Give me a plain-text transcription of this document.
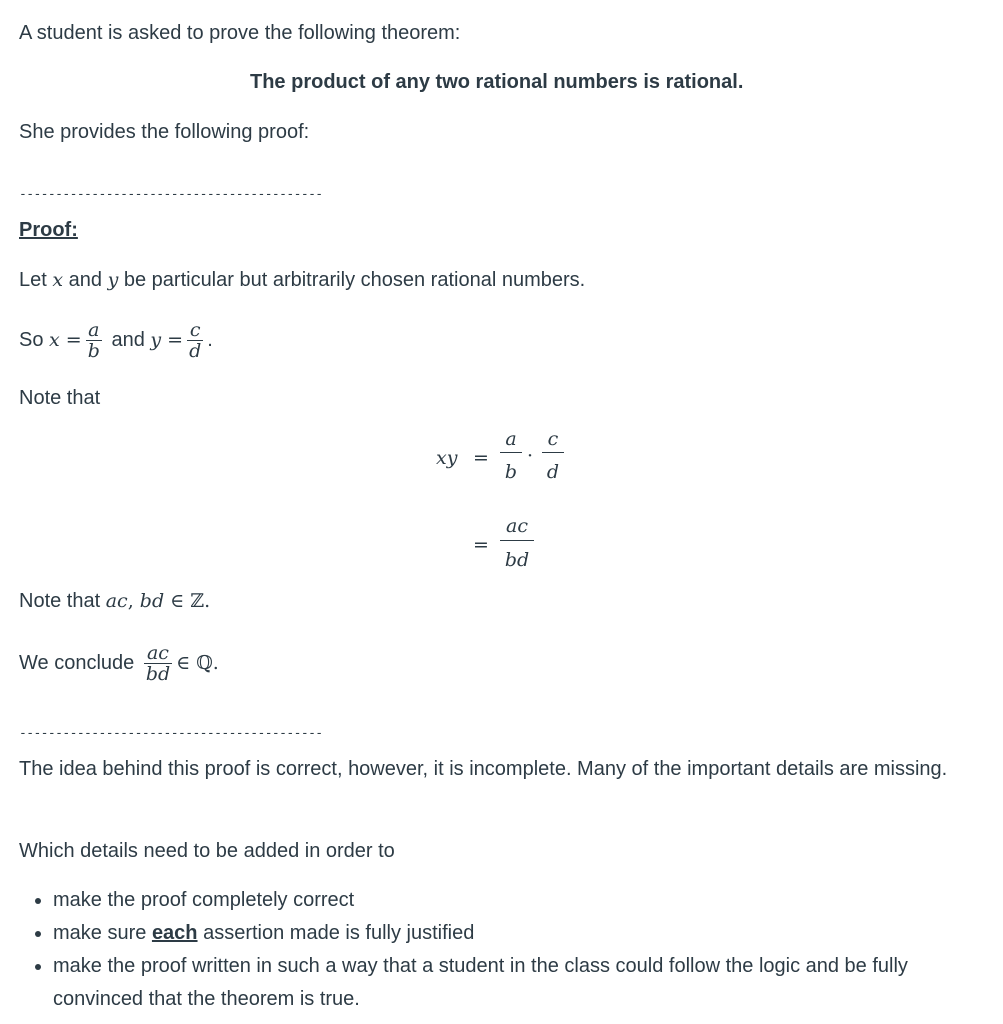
A student is asked to prove the following theorem:

The product of any two rational numbers is rational.

She provides the following proof:

------------------------------------------

Proof:

Let x and y be particular but arbitrarily chosen rational numbers.

So $x = \frac{a}{b}$ and $y = \frac{c}{d}$ .

Note that

xy =
a
b
·
c
d
=
ac
bd

Note that ac, bd ∈ ℤ.

We conclude $\frac{ac}{bd}$ ∈ ℚ.

------------------------------------------

The idea behind this proof is correct, however, it is incomplete. Many of the important details are missing.

Which details need to be added in order to

• make the proof completely correct
• make sure each assertion made is fully justified
• make the proof written in such a way that a student in the class could follow the logic and be fully convinced that the theorem is true.
